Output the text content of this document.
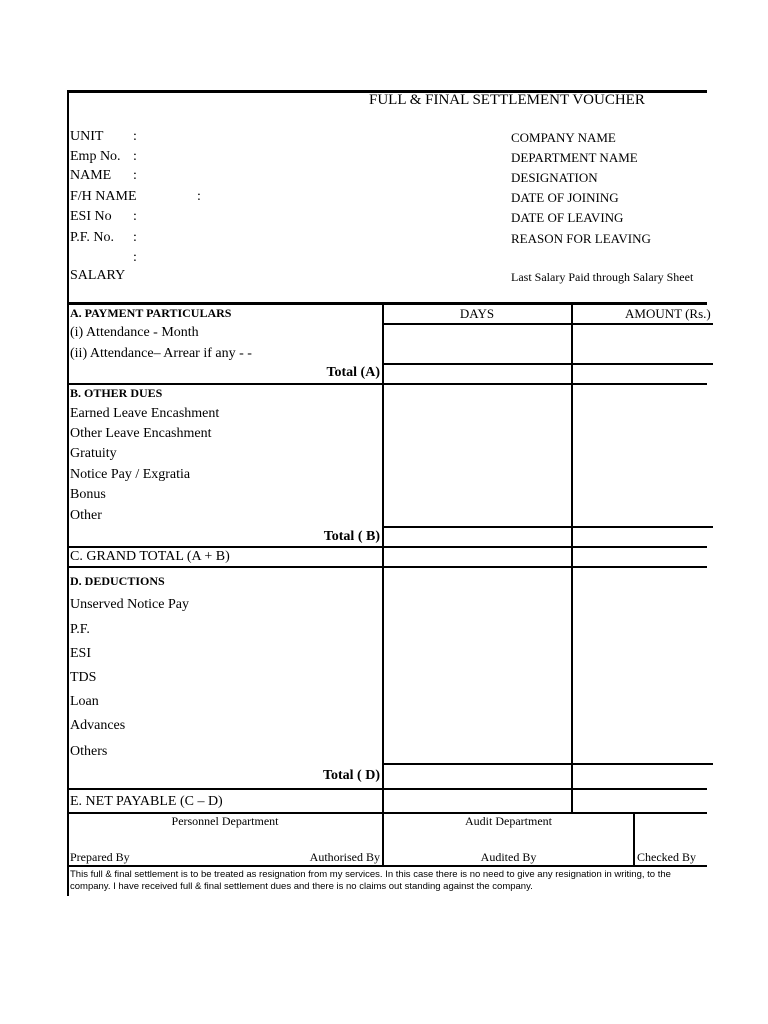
FULL & FINAL SETTLEMENT VOUCHER
UNIT :
Emp No. :
NAME :
F/H NAME	:
ESI No :
P.F. No. :
:
SALARY
COMPANY NAME
DEPARTMENT NAME
DESIGNATION
DATE OF JOINING
DATE OF LEAVING
REASON FOR LEAVING
Last Salary Paid through Salary Sheet
DAYS	AMOUNT (Rs.)
A. PAYMENT PARTICULARS
(i) Attendance - Month
(ii) Attendance– Arrear if any - -
Total (A)
B. OTHER DUES
Earned Leave Encashment
Other Leave Encashment
Gratuity
Notice Pay / Exgratia
Bonus
Other
Total ( B)
C. GRAND TOTAL (A + B)
D. DEDUCTIONS
Unserved Notice Pay
P.F.
ESI
TDS
Loan
Advances
Others
Total ( D)
E. NET PAYABLE (C – D)
Personnel Department	Audit Department
Prepared By	Authorised By	Audited By	Checked By
This full & final settlement is to be treated as resignation from my services. In this case there is no need to give any resignation in writing, to the
company. I have received full & final settlement dues and there is no claims out standing against the company.
